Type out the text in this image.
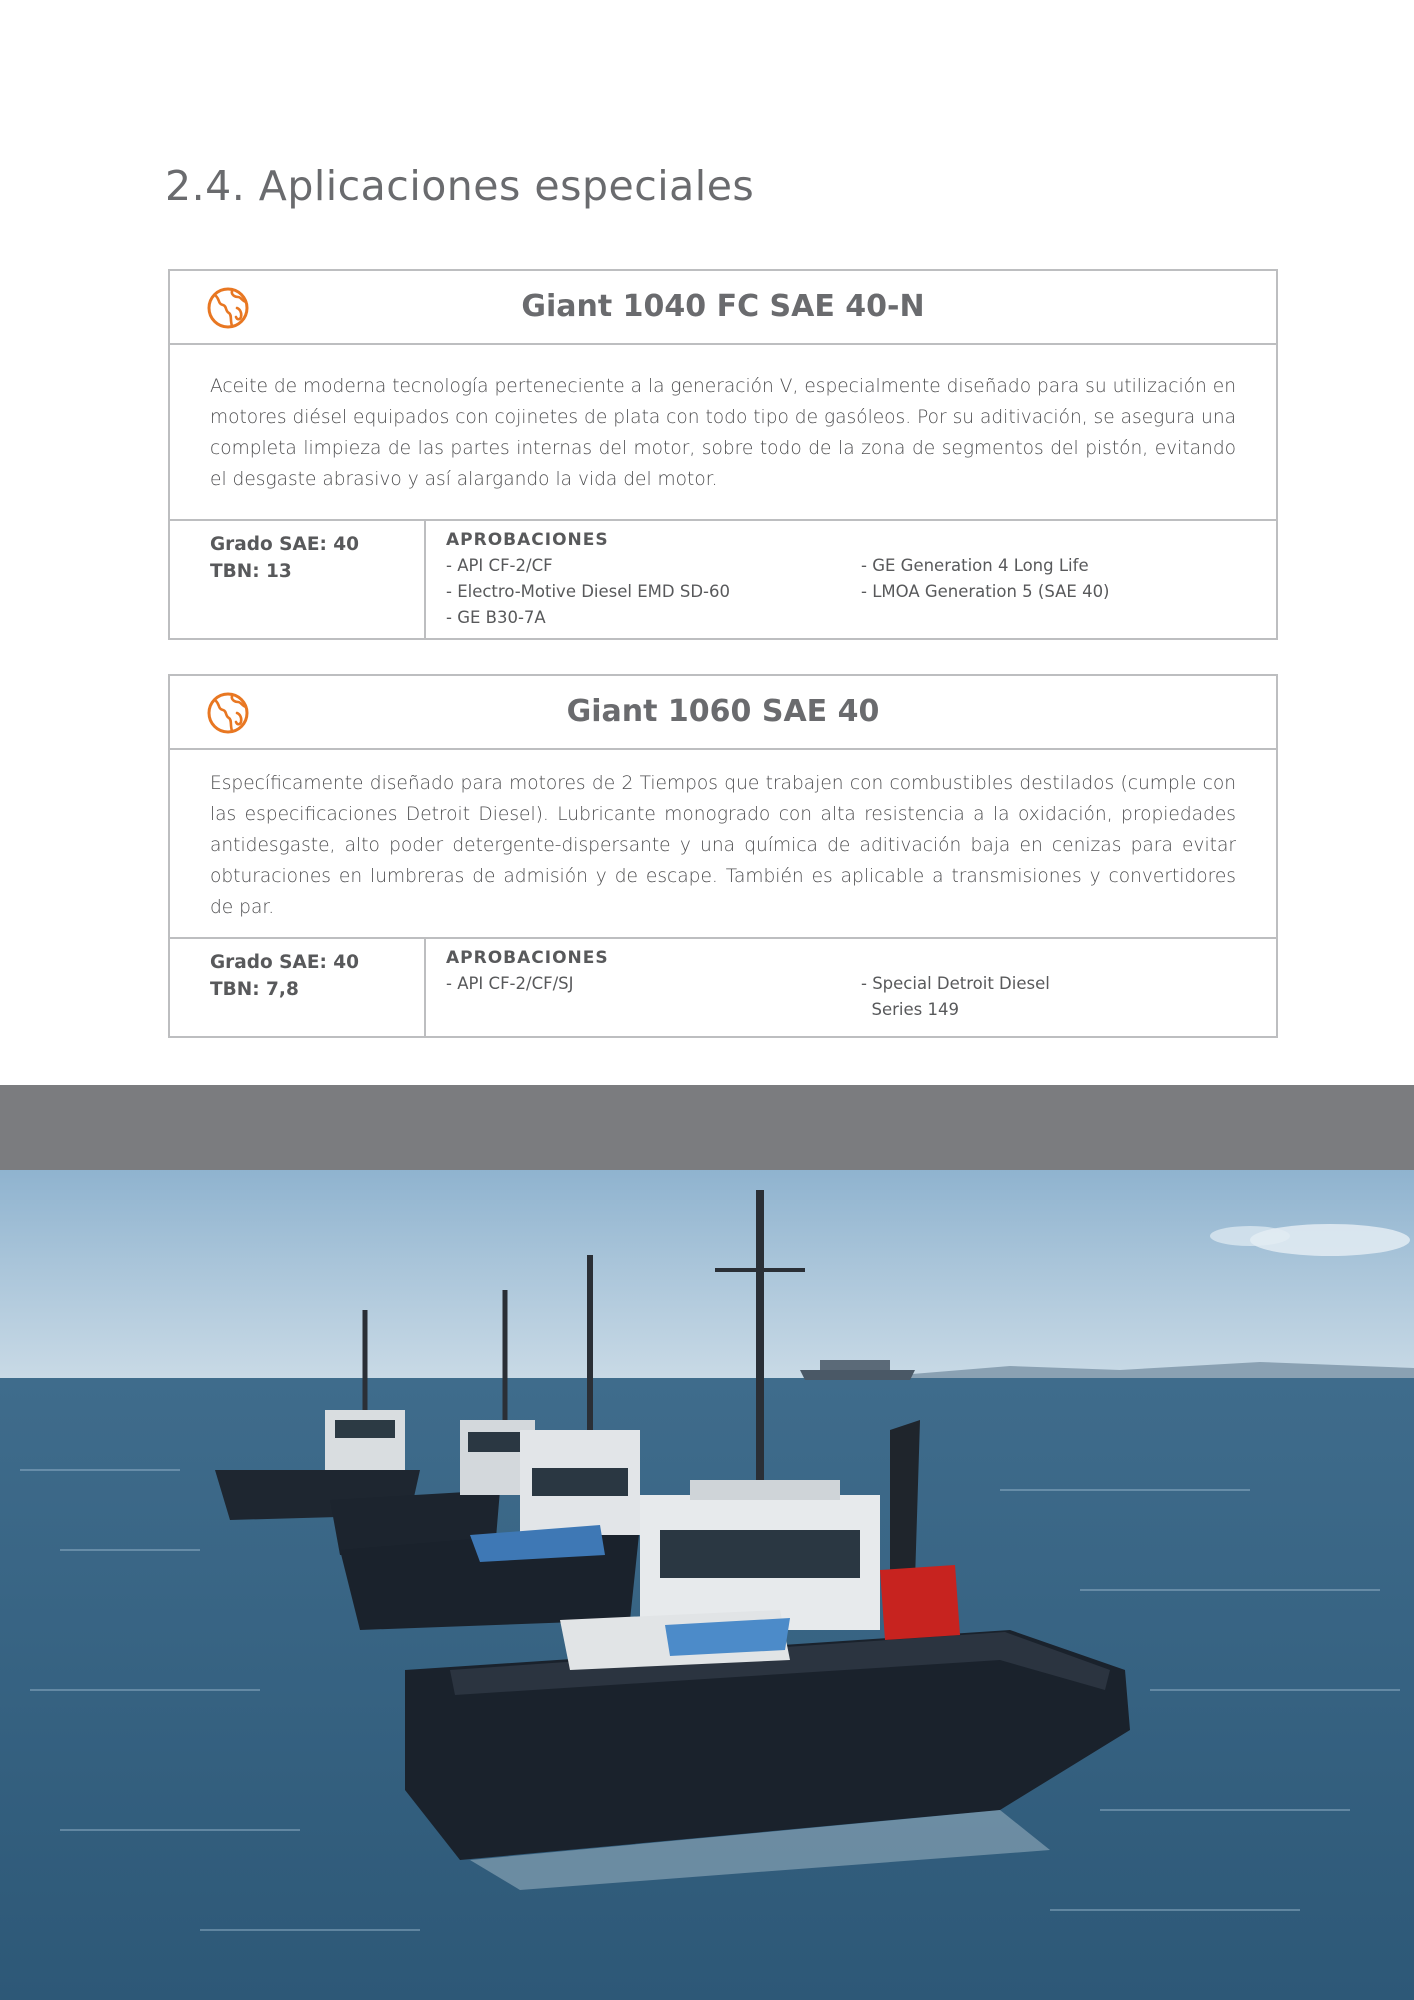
2.4. Aplicaciones especiales
Giant 1040 FC SAE 40-N

Aceite de moderna tecnología perteneciente a la generación V, especialmente diseñado para su utilización en motores diésel equipados con cojinetes de plata con todo tipo de gasóleos. Por su aditivación, se asegura una completa limpieza de las partes internas del motor, sobre todo de la zona de segmentos del pistón, evitando el desgaste abrasivo y así alargando la vida del motor.

Grado SAE: 40
TBN: 13
APROBACIONES
- API CF-2/CF
- Electro-Motive Diesel EMD SD-60
- GE B30-7A
- GE Generation 4 Long Life
- LMOA Generation 5 (SAE 40)
Giant 1060 SAE 40

Específicamente diseñado para motores de 2 Tiempos que trabajen con combustibles destilados (cumple con las especificaciones Detroit Diesel). Lubricante monogrado con alta resistencia a la oxidación, propiedades antidesgaste, alto poder detergente-dispersante y una química de aditivación baja en cenizas para evitar obturaciones en lumbreras de admisión y de escape. También es aplicable a transmisiones y convertidores de par.

Grado SAE: 40
TBN: 7,8
APROBACIONES
- API CF-2/CF/SJ	- Special Detroit Diesel
Series 149
